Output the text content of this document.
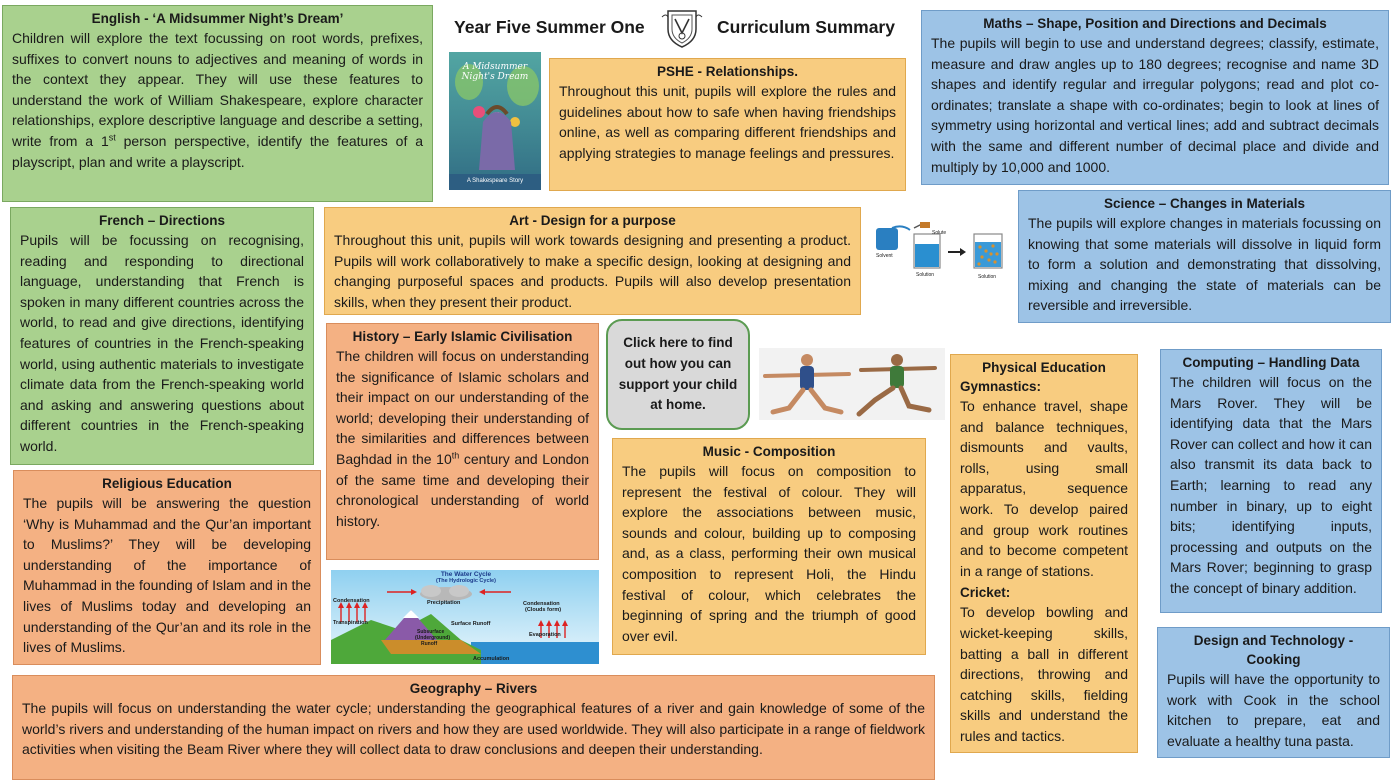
Year Five Summer One	Curriculum Summary
English - ‘A Midsummer Night’s Dream’

Children will explore the text focussing on root words, prefixes, suffixes to convert nouns to adjectives and meaning of words in the context they appear. They will use these features to understand the work of William Shakespeare, explore character relationships, explore descriptive language and describe a setting, write from a 1st person perspective, identify the features of a playscript, plan and write a playscript.

A Midsummer Night's Dream
A Shakespeare Story
PSHE - Relationships.

Throughout this unit, pupils will explore the rules and guidelines about how to safe when having friendships online, as well as comparing different friendships and applying strategies to manage feelings and pressures.

Maths – Shape, Position and Directions and Decimals

The pupils will begin to use and understand degrees; classify, estimate, measure and draw angles up to 180 degrees; recognise and name 3D shapes and identify regular and irregular polygons; read and plot co-ordinates; translate a shape with co-ordinates; begin to look at lines of symmetry using horizontal and vertical lines; add and subtract decimals with the same and different number of decimal place and divide and multiply by 10,000 and 1000.

Solvent
Solute
Solution	Solution
Science – Changes in Materials

The pupils will explore changes in materials focussing on knowing that some materials will dissolve in liquid form to form a solution and demonstrating that dissolving, mixing and changing the state of materials can be reversible and irreversible.

French – Directions

Pupils will be focussing on recognising, reading and responding to directional language, understanding that French is spoken in many different countries across the world, to read and give directions, identifying features of countries in the French-speaking world, using authentic materials to investigate climate data from the French-speaking world and asking and answering questions about different countries in the French-speaking world.

Art - Design for a purpose

Throughout this unit, pupils will work towards designing and presenting a product. Pupils will work collaboratively to make a specific design, looking at designing and changing purposeful spaces and products. Pupils will also develop presentation skills, when they present their product.

History – Early Islamic Civilisation

The children will focus on understanding the significance of Islamic scholars and their impact on our understanding of the world; developing their understanding of the similarities and differences between Baghdad in the 10th century and London of the same time and developing their chronological understanding of world history.

Click here to find out how you can support your child at home.
Physical Education
Gymnastics:

To enhance travel, shape and balance techniques, dismounts and vaults, rolls, using small apparatus, sequence work. To develop paired and group work routines and to become competent in a range of stations.

Cricket:

To develop bowling and wicket-keeping skills, batting a ball in different directions, throwing and catching skills, fielding skills and understand the rules and tactics.

Computing – Handling Data

The children will focus on the Mars Rover. They will be identifying data that the Mars Rover can collect and how it can also transmit its data back to Earth; learning to read any number in binary, up to eight bits; identifying inputs, processing and outputs on the Mars Rover; beginning to grasp the concept of binary addition.

Religious Education

The pupils will be answering the question ‘Why is Muhammad and the Qur’an important to Muslims?’ They will be developing understanding of the importance of Muhammad in the founding of Islam and in the lives of Muslims today and developing an understanding of the Qur’an and its role in the lives of Muslims.

The Water Cycle
(The Hydrologic Cycle)
Condensation
Transpiration
Precipitation	Condensation
(Clouds form)
Surface Runoff
Evaporation
Subsurface
(Underground)
Runoff
Accumulation
Music - Composition

The pupils will focus on composition to represent the festival of colour. They will explore the associations between music, sounds and colour, building up to composing and, as a class, performing their own musical composition to represent Holi, the Hindu festival of colour, which celebrates the beginning of spring and the triumph of good over evil.	Design and Technology - Cooking

Pupils will have the opportunity to work with Cook in the school kitchen to prepare, eat and evaluate a healthy tuna pasta.

Geography – Rivers

The pupils will focus on understanding the water cycle; understanding the geographical features of a river and gain knowledge of some of the world’s rivers and understanding of the human impact on rivers and how they are used worldwide. They will also participate in a range of fieldwork activities when visiting the Beam River where they will collect data to draw conclusions and deepen their understanding.
